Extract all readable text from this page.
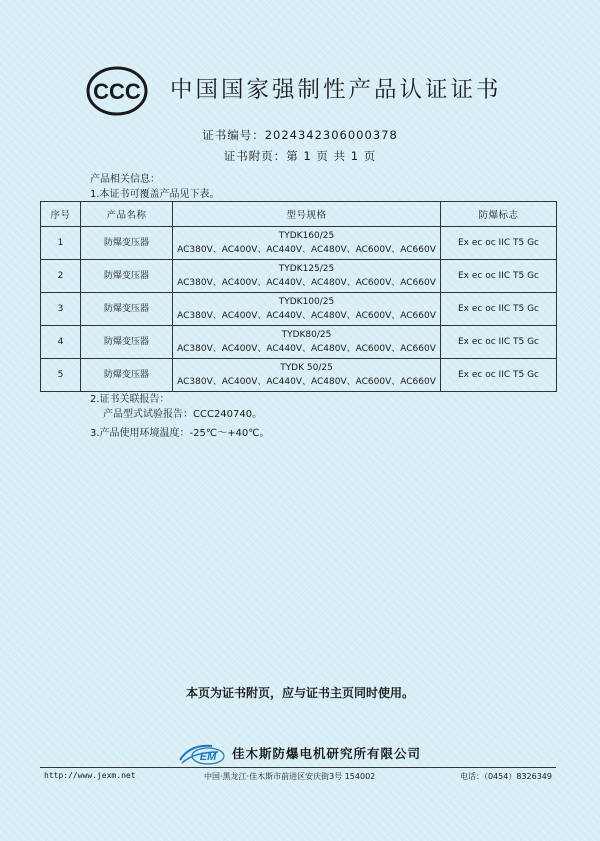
CCC 中国国家强制性产品认证证书
证书编号：2024342306000378
证书附页：第 1 页 共 1 页
产品相关信息：
1.本证书可覆盖产品见下表。
序号	产品名称	型号规格	防爆标志
1	防爆变压器	TYDK160/25
AC380V、AC400V、AC440V、AC480V、AC600V、AC660V	Ex ec oc IIC T5 Gc
2	防爆变压器	TYDK125/25
AC380V、AC400V、AC440V、AC480V、AC600V、AC660V	Ex ec oc IIC T5 Gc
3	防爆变压器	TYDK100/25
AC380V、AC400V、AC440V、AC480V、AC600V、AC660V	Ex ec oc IIC T5 Gc
4	防爆变压器	TYDK80/25
AC380V、AC400V、AC440V、AC480V、AC600V、AC660V	Ex ec oc IIC T5 Gc
5	防爆变压器	TYDK 50/25
AC380V、AC400V、AC440V、AC480V、AC600V、AC660V	Ex ec oc IIC T5 Gc
2.证书关联报告：
产品型式试验报告：CCC240740。
3.产品使用环境温度：-25℃～+40℃。
本页为证书附页，应与证书主页同时使用。
EM 佳木斯防爆电机研究所有限公司
http://www.jexm.net	中国·黑龙江·佳木斯市前进区安庆街3号 154002	电话：（0454）8326349
